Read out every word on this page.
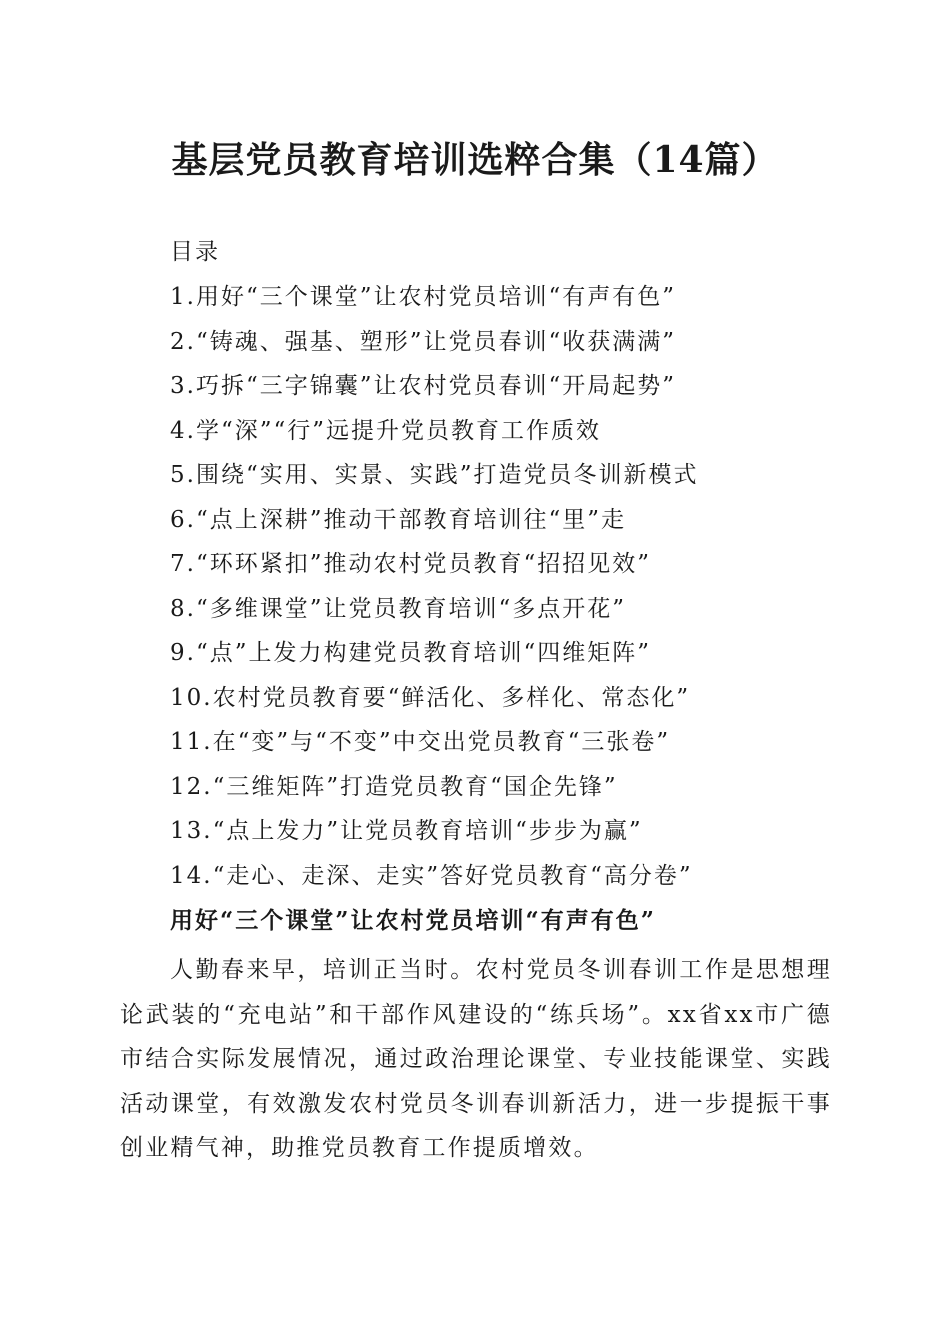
基层党员教育培训选粹合集（14篇）
目录
1.用好“三个课堂”让农村党员培训“有声有色”
2.“铸魂、强基、塑形”让党员春训“收获满满”
3.巧拆“三字锦囊”让农村党员春训“开局起势”
4.学“深”“行”远提升党员教育工作质效
5.围绕“实用、实景、实践”打造党员冬训新模式
6.“点上深耕”推动干部教育培训往“里”走
7.“环环紧扣”推动农村党员教育“招招见效”
8.“多维课堂”让党员教育培训“多点开花”
9.“点”上发力构建党员教育培训“四维矩阵”
10.农村党员教育要“鲜活化、多样化、常态化”
11.在“变”与“不变”中交出党员教育“三张卷”
12.“三维矩阵”打造党员教育“国企先锋”
13.“点上发力”让党员教育培训“步步为赢”
14.“走心、走深、走实”答好党员教育“高分卷”
用好“三个课堂”让农村党员培训“有声有色”

人勤春来早，培训正当时。农村党员冬训春训工作是思想理论武装的“充电站”和干部作风建设的“练兵场”。xx省xx市广德市结合实际发展情况，通过政治理论课堂、专业技能课堂、实践活动课堂，有效激发农村党员冬训春训新活力，进一步提振干事创业精气神，助推党员教育工作提质增效。
